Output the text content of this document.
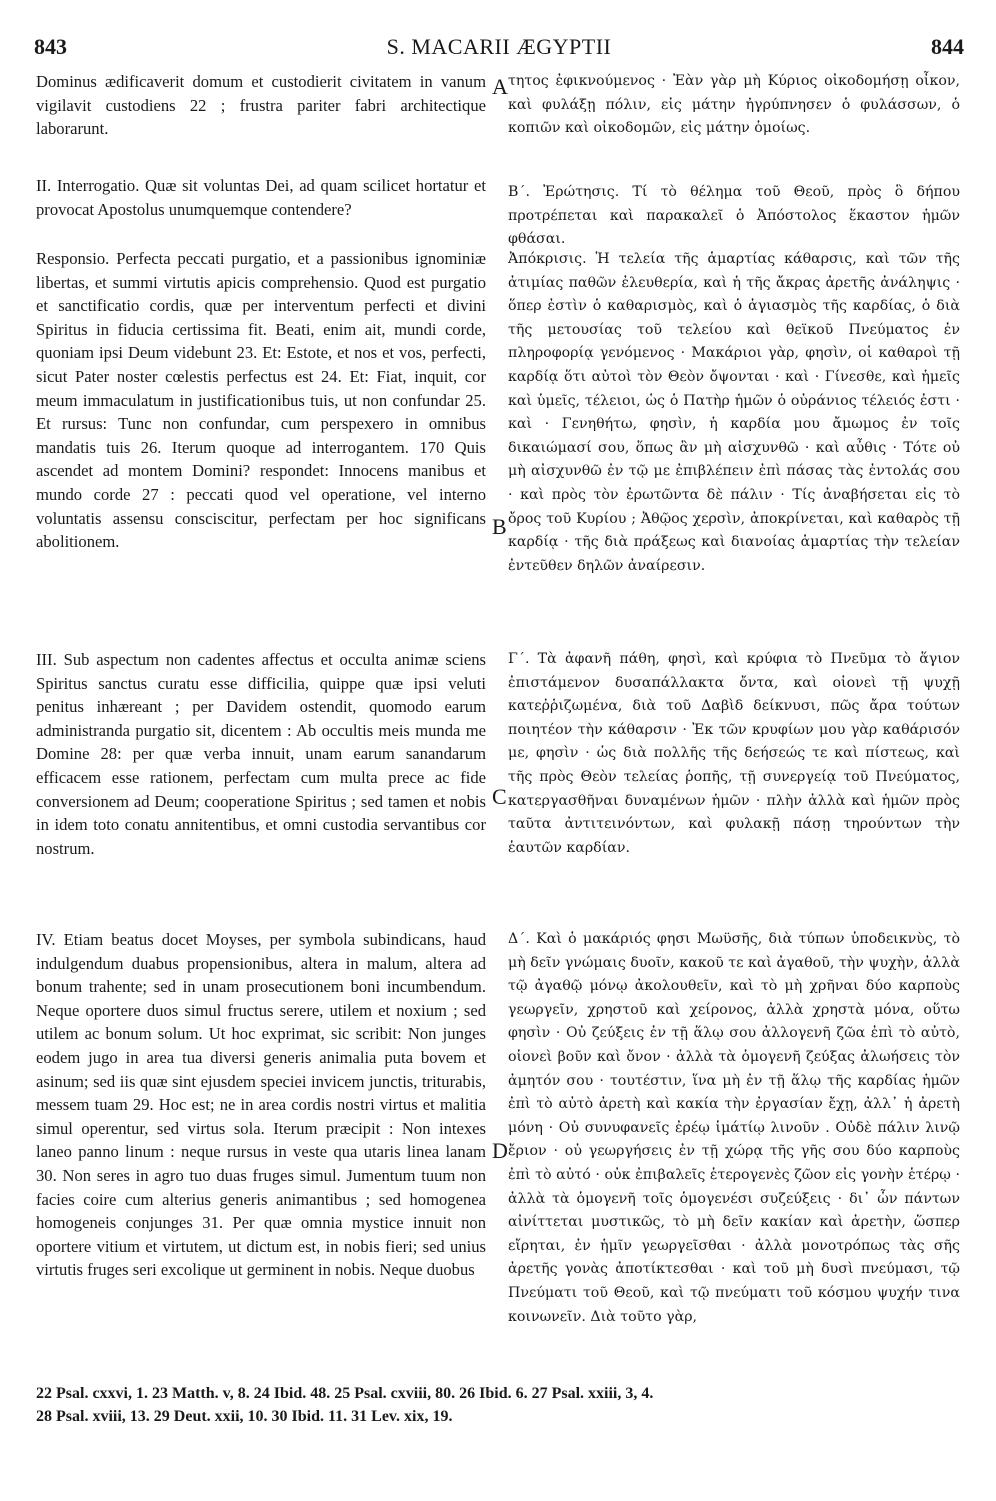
843	S. MACARII ÆGYPTII	844

Dominus ædificaverit domum et custodierit civitatem in vanum vigilavit custodiens 22 ; frustra pariter fabri architectique laborarunt.

II. Interrogatio. Quæ sit voluntas Dei, ad quam scilicet hortatur et provocat Apostolus unumquemque contendere?

Responsio. Perfecta peccati purgatio, et a passionibus ignominiæ libertas, et summi virtutis apicis comprehensio. Quod est purgatio et sanctificatio cordis, quæ per interventum perfecti et divini Spiritus in fiducia certissima fit. Beati, enim ait, mundi corde, quoniam ipsi Deum videbunt 23. Et: Estote, et nos et vos, perfecti, sicut Pater noster cœlestis perfectus est 24. Et: Fiat, inquit, cor meum immaculatum in justificationibus tuis, ut non confundar 25. Et rursus: Tunc non confundar, cum perspexero in omnibus mandatis tuis 26. Iterum quoque ad interrogantem. 170 Quis ascendet ad montem Domini? respondet: Innocens manibus et mundo corde 27 : peccati quod vel operatione, vel interno voluntatis assensu consciscitur, perfectam per hoc significans abolitionem.

III. Sub aspectum non cadentes affectus et occulta animæ sciens Spiritus sanctus curatu esse difficilia, quippe quæ ipsi veluti penitus inhæreant ; per Davidem ostendit, quomodo earum administranda purgatio sit, dicentem : Ab occultis meis munda me Domine 28: per quæ verba innuit, unam earum sanandarum efficacem esse rationem, perfectam cum multa prece ac fide conversionem ad Deum; cooperatione Spiritus ; sed tamen et nobis in idem toto conatu annitentibus, et omni custodia servantibus cor nostrum.

IV. Etiam beatus docet Moyses, per symbola subindicans, haud indulgendum duabus propensionibus, altera in malum, altera ad bonum trahente; sed in unam prosecutionem boni incumbendum. Neque oportere duos simul fructus serere, utilem et noxium ; sed utilem ac bonum solum. Ut hoc exprimat, sic scribit: Non junges eodem jugo in area tua diversi generis animalia puta bovem et asinum; sed iis quæ sint ejusdem speciei invicem junctis, triturabis, messem tuam 29. Hoc est; ne in area cordis nostri virtus et malitia simul operentur, sed virtus sola. Iterum præcipit : Non intexes laneo panno linum : neque rursus in veste qua utaris linea lanam 30. Non seres in agro tuo duas fruges simul. Jumentum tuum non facies coire cum alterius generis animantibus ; sed homogenea homogeneis conjunges 31. Per quæ omnia mystice innuit non oportere vitium et virtutem, ut dictum est, in nobis fieri; sed unius virtutis fruges seri excolique ut germinent in nobis. Neque duobus

A
B
C
D

τητος ἐφικνούμενος · Ἐὰν γὰρ μὴ Κύριος οἰκοδομήσῃ οἶκον, καὶ φυλάξῃ πόλιν, εἰς μάτην ἠγρύπνησεν ὁ φυλάσσων, ὁ κοπιῶν καὶ οἰκοδομῶν, εἰς μάτην ὁμοίως.

Β΄. Ἐρώτησις. Τί τὸ θέλημα τοῦ Θεοῦ, πρὸς ὃ δήπου προτρέπεται καὶ παρακαλεῖ ὁ Ἀπόστολος ἕκαστον ἡμῶν φθάσαι.

Ἀπόκρισις. Ἡ τελεία τῆς ἁμαρτίας κάθαρσις, καὶ τῶν τῆς ἀτιμίας παθῶν ἐλευθερία, καὶ ἡ τῆς ἄκρας ἀρετῆς ἀνάληψις · ὅπερ ἐστὶν ὁ καθαρισμὸς, καὶ ὁ ἁγιασμὸς τῆς καρδίας, ὁ διὰ τῆς μετουσίας τοῦ τελείου καὶ θεϊκοῦ Πνεύματος ἐν πληροφορίᾳ γενόμενος · Μακάριοι γὰρ, φησὶν, οἱ καθαροὶ τῇ καρδίᾳ ὅτι αὐτοὶ τὸν Θεὸν ὄψονται · καὶ · Γίνεσθε, καὶ ἡμεῖς καὶ ὑμεῖς, τέλειοι, ὡς ὁ Πατὴρ ἡμῶν ὁ οὐράνιος τέλειός ἐστι · καὶ · Γενηθήτω, φησὶν, ἡ καρδία μου ἄμωμος ἐν τοῖς δικαιώμασί σου, ὅπως ἂν μὴ αἰσχυνθῶ · καὶ αὖθις · Τότε οὐ μὴ αἰσχυνθῶ ἐν τῷ με ἐπιβλέπειν ἐπὶ πάσας τὰς ἐντολάς σου · καὶ πρὸς τὸν ἐρωτῶντα δὲ πάλιν · Τίς ἀναβήσεται εἰς τὸ ὄρος τοῦ Κυρίου ; Ἀθῷος χερσὶν, ἀποκρίνεται, καὶ καθαρὸς τῇ καρδίᾳ · τῆς διὰ πράξεως καὶ διανοίας ἁμαρτίας τὴν τελείαν ἐντεῦθεν δηλῶν ἀναίρεσιν.

Γ΄. Τὰ ἀφανῆ πάθη, φησὶ, καὶ κρύφια τὸ Πνεῦμα τὸ ἅγιον ἐπιστάμενον δυσαπάλλακτα ὄντα, καὶ οἱονεὶ τῇ ψυχῇ κατεῤῥιζωμένα, διὰ τοῦ Δαβὶδ δείκνυσι, πῶς ἄρα τούτων ποιητέον τὴν κάθαρσιν · Ἐκ τῶν κρυφίων μου γὰρ καθάρισόν με, φησὶν · ὡς διὰ πολλῆς τῆς δεήσεώς τε καὶ πίστεως, καὶ τῆς πρὸς Θεὸν τελείας ῥοπῆς, τῇ συνεργείᾳ τοῦ Πνεύματος, κατεργασθῆναι δυναμένων ἡμῶν · πλὴν ἀλλὰ καὶ ἡμῶν πρὸς ταῦτα ἀντιτεινόντων, καὶ φυλακῇ πάσῃ τηρούντων τὴν ἑαυτῶν καρδίαν.

Δ΄. Καὶ ὁ μακάριός φησι Μωϋσῆς, διὰ τύπων ὑποδεικνὺς, τὸ μὴ δεῖν γνώμαις δυοῖν, κακοῦ τε καὶ ἀγαθοῦ, τὴν ψυχὴν, ἀλλὰ τῷ ἀγαθῷ μόνῳ ἀκολουθεῖν, καὶ τὸ μὴ χρῆναι δύο καρποὺς γεωργεῖν, χρηστοῦ καὶ χείρονος, ἀλλὰ χρηστὰ μόνα, οὕτω φησὶν · Οὐ ζεύξεις ἐν τῇ ἅλῳ σου ἀλλογενῆ ζῶα ἐπὶ τὸ αὐτὸ, οἱονεὶ βοῦν καὶ ὄνον · ἀλλὰ τὰ ὁμογενῆ ζεύξας ἀλωήσεις τὸν ἀμητόν σου · τουτέστιν, ἵνα μὴ ἐν τῇ ἅλῳ τῆς καρδίας ἡμῶν ἐπὶ τὸ αὐτὸ ἀρετὴ καὶ κακία τὴν ἐργασίαν ἔχῃ, ἀλλ᾽ ἡ ἀρετὴ μόνη · Οὐ συνυφανεῖς ἐρέῳ ἱμάτίῳ λινοῦν . Οὐδὲ πάλιν λινῷ ἔριον · οὐ γεωργήσεις ἐν τῇ χώρᾳ τῆς γῆς σου δύο καρποὺς ἐπὶ τὸ αὐτό · οὐκ ἐπιβαλεῖς ἑτερογενὲς ζῶον εἰς γονὴν ἑτέρῳ · ἀλλὰ τὰ ὁμογενῆ τοῖς ὁμογενέσι συζεύξεις · δι᾽ ὧν πάντων αἰνίττεται μυστικῶς, τὸ μὴ δεῖν κακίαν καὶ ἀρετὴν, ὥσπερ εἴρηται, ἐν ἡμῖν γεωργεῖσθαι · ἀλλὰ μονοτρόπως τὰς σῆς ἀρετῆς γονὰς ἀποτίκτεσθαι · καὶ τοῦ μὴ δυσὶ πνεύμασι, τῷ Πνεύματι τοῦ Θεοῦ, καὶ τῷ πνεύματι τοῦ κόσμου ψυχήν τινα κοινωνεῖν. Διὰ τοῦτο γὰρ,

22 Psal. cxxvi, 1. 23 Matth. v, 8. 24 Ibid. 48. 25 Psal. cxviii, 80. 26 Ibid. 6. 27 Psal. xxiii, 3, 4.
28 Psal. xviii, 13. 29 Deut. xxii, 10. 30 Ibid. 11. 31 Lev. xix, 19.
